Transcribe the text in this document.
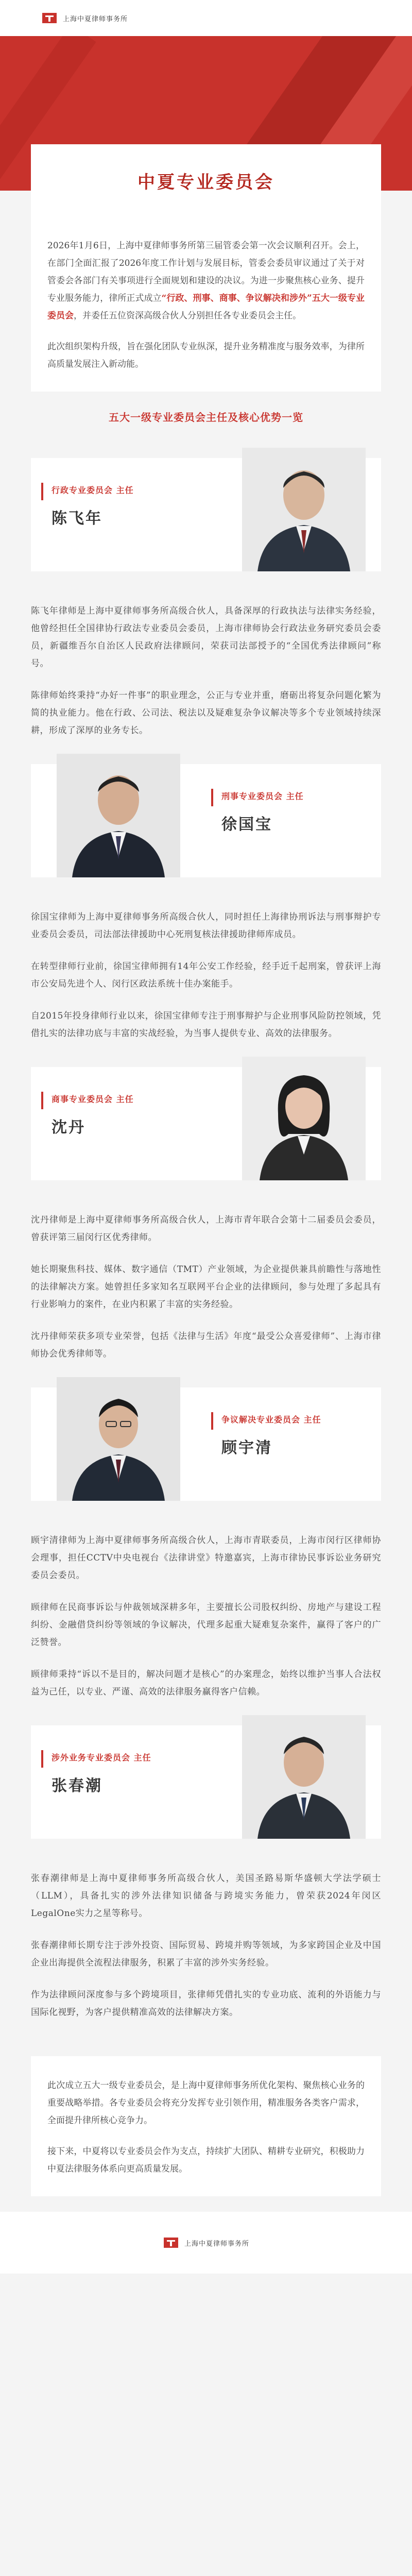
上海中夏律师事务所
中夏专业委员会

2026年1月6日，上海中夏律师事务所第三届管委会第一次会议顺利召开。会上，在部门全面汇报了2026年度工作计划与发展目标，管委会委员审议通过了关于对管委会各部门有关事项进行全面规划和建设的决议。为进一步聚焦核心业务、提升专业服务能力，律所正式成立“行政、刑事、商事、争议解决和涉外”五大一级专业委员会，并委任五位资深高级合伙人分别担任各专业委员会主任。

此次组织架构升级，旨在强化团队专业纵深，提升业务精准度与服务效率，为律所高质量发展注入新动能。

五大一级专业委员会主任及核心优势一览
行政专业委员会 主任
陈飞年

陈飞年律师是上海中夏律师事务所高级合伙人，具备深厚的行政执法与法律实务经验，他曾经担任全国律协行政法专业委员会委员，上海市律师协会行政法业务研究委员会委员，新疆维吾尔自治区人民政府法律顾问，荣获司法部授予的“全国优秀法律顾问”称号。

陈律师始终秉持“办好一件事”的职业理念，公正与专业并重，磨砺出将复杂问题化繁为简的执业能力。他在行政、公司法、税法以及疑难复杂争议解决等多个专业领域持续深耕，形成了深厚的业务专长。

刑事专业委员会 主任
徐国宝

徐国宝律师为上海中夏律师事务所高级合伙人，同时担任上海律协刑诉法与刑事辩护专业委员会委员，司法部法律援助中心死刑复核法律援助律师库成员。

在转型律师行业前，徐国宝律师拥有14年公安工作经验，经手近千起刑案，曾获评上海市公安局先进个人、闵行区政法系统十佳办案能手。

自2015年投身律师行业以来，徐国宝律师专注于刑事辩护与企业刑事风险防控领域，凭借扎实的法律功底与丰富的实战经验，为当事人提供专业、高效的法律服务。

商事专业委员会 主任
沈丹

沈丹律师是上海中夏律师事务所高级合伙人，上海市青年联合会第十二届委员会委员，曾获评第三届闵行区优秀律师。

她长期聚焦科技、媒体、数字通信（TMT）产业领域，为企业提供兼具前瞻性与落地性的法律解决方案。她曾担任多家知名互联网平台企业的法律顾问，参与处理了多起具有行业影响力的案件，在业内积累了丰富的实务经验。

沈丹律师荣获多项专业荣誉，包括《法律与生活》年度“最受公众喜爱律师”、上海市律师协会优秀律师等。

争议解决专业委员会 主任
顾宇清

顾宇清律师为上海中夏律师事务所高级合伙人，上海市青联委员，上海市闵行区律师协会理事，担任CCTV中央电视台《法律讲堂》特邀嘉宾，上海市律协民事诉讼业务研究委员会委员。

顾律师在民商事诉讼与仲裁领域深耕多年，主要擅长公司股权纠纷、房地产与建设工程纠纷、金融借贷纠纷等领域的争议解决，代理多起重大疑难复杂案件，赢得了客户的广泛赞誉。

顾律师秉持“诉以不是目的，解决问题才是核心”的办案理念，始终以维护当事人合法权益为己任，以专业、严谨、高效的法律服务赢得客户信赖。

涉外业务专业委员会 主任
张春潮

张春潮律师是上海中夏律师事务所高级合伙人，美国圣路易斯华盛顿大学法学硕士（LLM），具备扎实的涉外法律知识储备与跨境实务能力，曾荣获2024年闵区LegalOne实力之星等称号。

张春潮律师长期专注于涉外投资、国际贸易、跨境并购等领域，为多家跨国企业及中国企业出海提供全流程法律服务，积累了丰富的涉外实务经验。

作为法律顾问深度参与多个跨境项目，张律师凭借扎实的专业功底、流利的外语能力与国际化视野，为客户提供精准高效的法律解决方案。

此次成立五大一级专业委员会，是上海中夏律师事务所优化架构、聚焦核心业务的重要战略举措。各专业委员会将充分发挥专业引领作用，精准服务各类客户需求，全面提升律所核心竞争力。

接下来，中夏将以专业委员会作为支点，持续扩大团队、精耕专业研究，积极助力中夏法律服务体系向更高质量发展。

上海中夏律师事务所
